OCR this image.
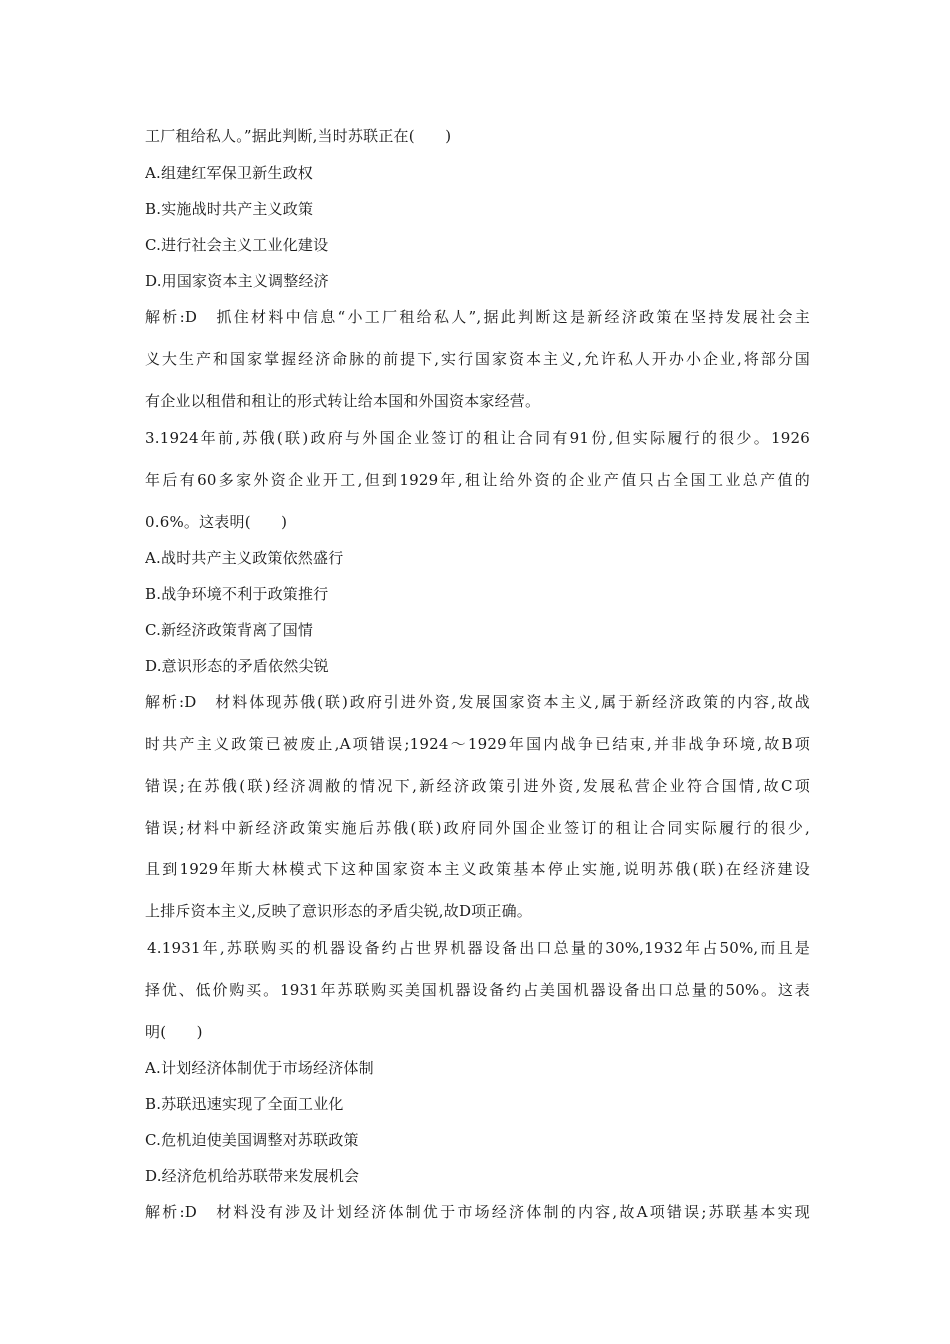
工厂租给私人。”据此判断,当时苏联正在(　　)
A.组建红军保卫新生政权
B.实施战时共产主义政策
C.进行社会主义工业化建设
D.用国家资本主义调整经济
解析:D　抓住材料中信息“小工厂租给私人”,据此判断这是新经济政策在坚持发展社会主
义大生产和国家掌握经济命脉的前提下,实行国家资本主义,允许私人开办小企业,将部分国
有企业以租借和租让的形式转让给本国和外国资本家经营。
3.1924年前,苏俄(联)政府与外国企业签订的租让合同有91份,但实际履行的很少。1926
年后有60多家外资企业开工,但到1929年,租让给外资的企业产值只占全国工业总产值的
0.6%。这表明(　　)
A.战时共产主义政策依然盛行
B.战争环境不利于政策推行
C.新经济政策背离了国情
D.意识形态的矛盾依然尖锐
解析:D　材料体现苏俄(联)政府引进外资,发展国家资本主义,属于新经济政策的内容,故战
时共产主义政策已被废止,A项错误;1924～1929年国内战争已结束,并非战争环境,故B项
错误;在苏俄(联)经济凋敝的情况下,新经济政策引进外资,发展私营企业符合国情,故C项
错误;材料中新经济政策实施后苏俄(联)政府同外国企业签订的租让合同实际履行的很少,
且到1929年斯大林模式下这种国家资本主义政策基本停止实施,说明苏俄(联)在经济建设
上排斥资本主义,反映了意识形态的矛盾尖锐,故D项正确。
4.1931年,苏联购买的机器设备约占世界机器设备出口总量的30%,1932年占50%,而且是
择优、低价购买。1931年苏联购买美国机器设备约占美国机器设备出口总量的50%。这表
明(　　)
A.计划经济体制优于市场经济体制
B.苏联迅速实现了全面工业化
C.危机迫使美国调整对苏联政策
D.经济危机给苏联带来发展机会
解析:D　材料没有涉及计划经济体制优于市场经济体制的内容,故A项错误;苏联基本实现
